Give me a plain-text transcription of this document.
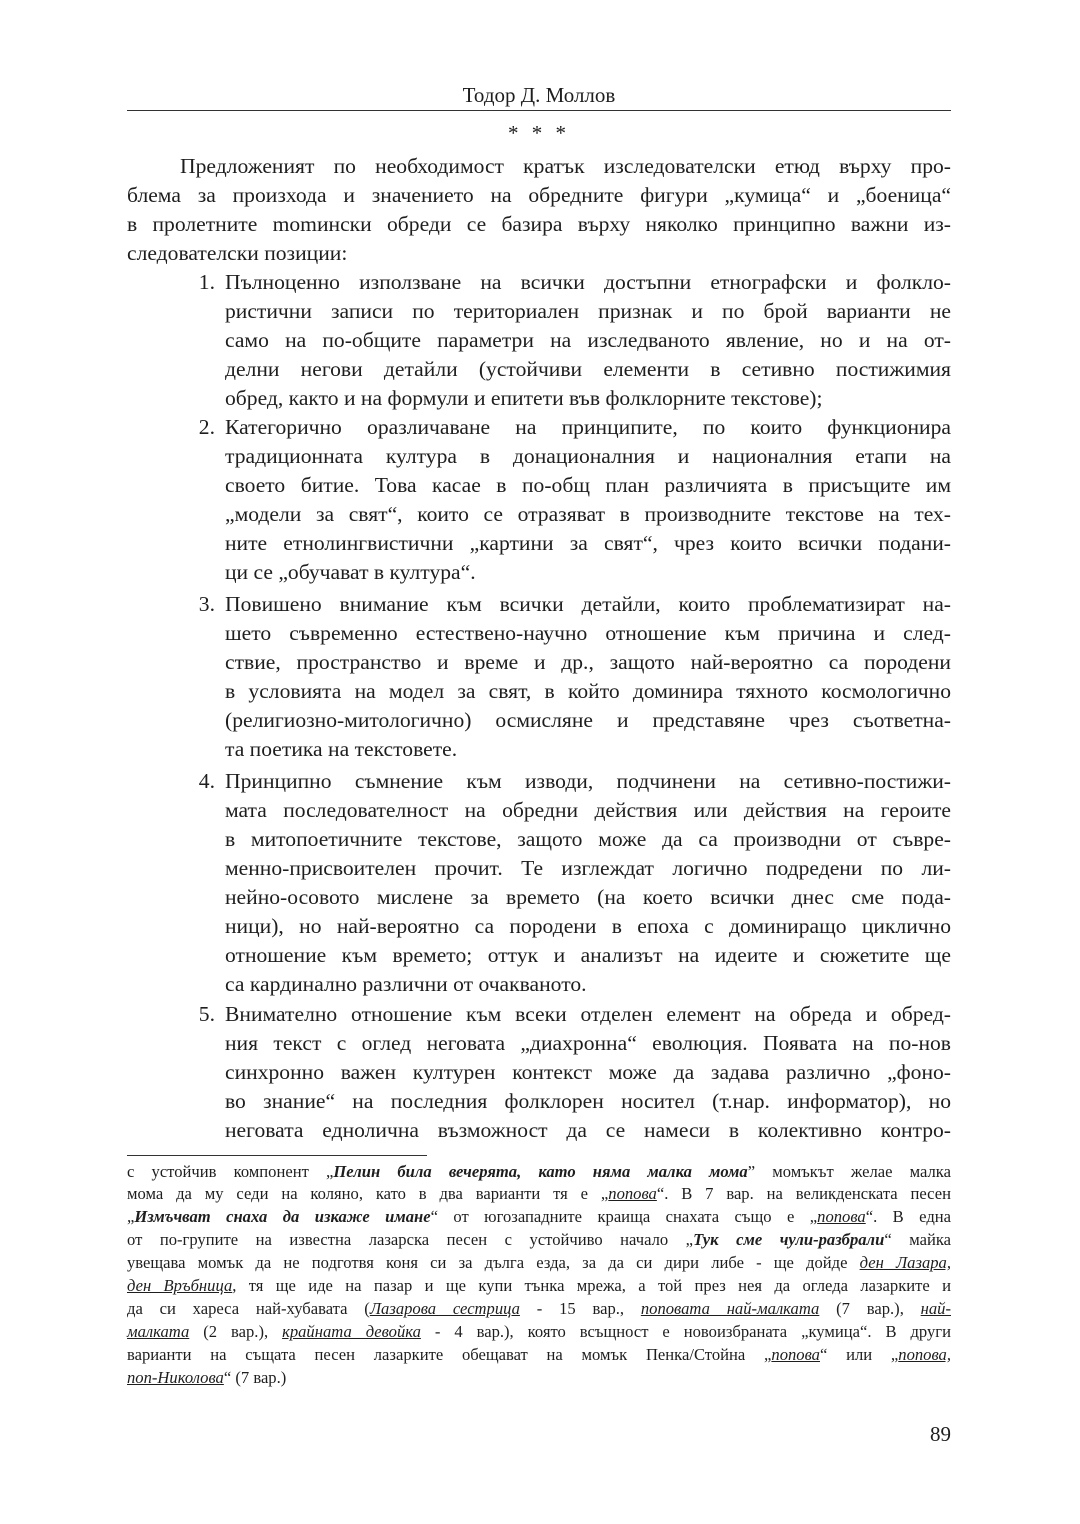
Тодор Д. Моллов
* * *
Предложеният по необходимост кратък изследователски етюд върху про-
блема за произхода и значението на обредните фигури „кумица“ и „боеница“
в пролетните momински обреди се базира върху няколко принципно важни из-
следователски позиции:
1. Пълноценно използване на всички достъпни етнографски и фолкло-
ристични записи по териториален признак и по брой варианти не
само на по-общите параметри на изследваното явление, но и на от-
делни негови детайли (устойчиви елементи в сетивно постижимия
обред, както и на формули и епитети във фолклорните текстове);
2. Категорично оразличаване на принципите, по които функционира
традиционната култура в донационалния и националния етапи на
своето битие. Това касае в по-общ план различията в присъщите им
„модели за свят“, които се отразяват в производните текстове на тех-
ните етнолингвистични „картини за свят“, чрез които всички подани-
ци се „обучават в култура“.
3. Повишено внимание към всички детайли, които проблематизират на-
шето съвременно естествено-научно отношение към причина и след-
ствие, пространство и време и др., защото най-вероятно са породени
в условията на модел за свят, в който доминира тяхното космологично
(религиозно-митологично) осмисляне и представяне чрез съответна-
та поетика на текстовете.
4. Принципно съмнение към изводи, подчинени на сетивно-постижи-
мата последователност на обредни действия или действия на героите
в митопоетичните текстове, защото може да са производни от съвре-
менно-присвоителен прочит. Те изглеждат логично подредени по ли-
нейно-осовото мислене за времето (на което всички днес сме пода-
ници), но най-вероятно са породени в епоха с доминиращо циклично
отношение към времето; оттук и анализът на идеите и сюжетите ще
са кардинално различни от очакваното.
5. Внимателно отношение към всеки отделен елемент на обреда и обред-
ния текст с оглед неговата „диахронна“ еволюция. Появата на по-нов
синхронно важен културен контекст може да задава различно „фоно-
во знание“ на последния фолклорен носител (т.нар. информатор), но
неговата еднолична възможност да се намеси в колективно контро-
с устойчив компонент „Пелин била вечерята, като няма малка мома” момъкът желае малка
мома да му седи на коляно, като в два варианти тя е „попова“. В 7 вар. на великденската песен
„Измъчват снаха да изкаже имане“ от югозападните краища снахата също е „попова“. В една
от по-групите на известна лазарска песен с устойчиво начало „Тук сме чули-разбрали“ майка
увещава момък да не подготвя коня си за дълга езда, за да си дири либе - ще дойде ден Лазара,
ден Връбница, тя ще иде на пазар и ще купи тънка мрежа, а той през нея да огледа лазарките и
да си хареса най-хубавата (Лазарова сестрица - 15 вар., поповата най-малката (7 вар.), най-
малката (2 вар.), крайната девойка - 4 вар.), която всъщност е новоизбраната „кумица“. В други
варианти на същата песен лазарките обещават на момък Пенка/Стойна „попова“ или „попова,
поп-Николова“ (7 вар.)
89
